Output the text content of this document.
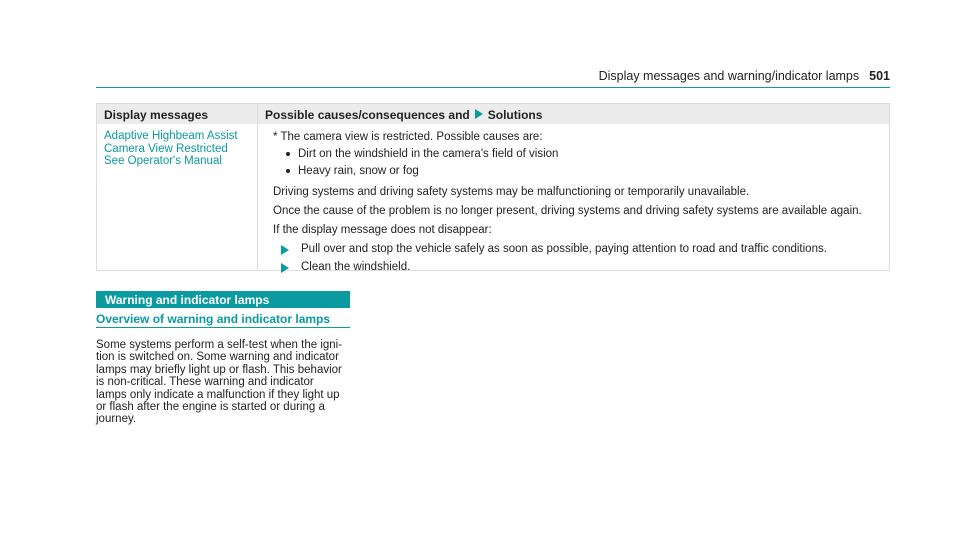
Display messages and warning/indicator lamps 501
Display messages	Possible causes/consequences and Solutions
Adaptive Highbeam Assist
Camera View Restricted
See Operator's Manual
* The camera view is restricted. Possible causes are:
Dirt on the windshield in the camera's field of vision
Heavy rain, snow or fog
Driving systems and driving safety systems may be malfunctioning or temporarily unavailable.
Once the cause of the problem is no longer present, driving systems and driving safety systems are available again.
If the display message does not disappear:
Pull over and stop the vehicle safely as soon as possible, paying attention to road and traffic conditions.
Clean the windshield.
Warning and indicator lamps
Overview of warning and indicator lamps
Some systems perform a self-test when the igni-
tion is switched on. Some warning and indicator
lamps may briefly light up or flash. This behavior
is non-critical. These warning and indicator
lamps only indicate a malfunction if they light up
or flash after the engine is started or during a
journey.
